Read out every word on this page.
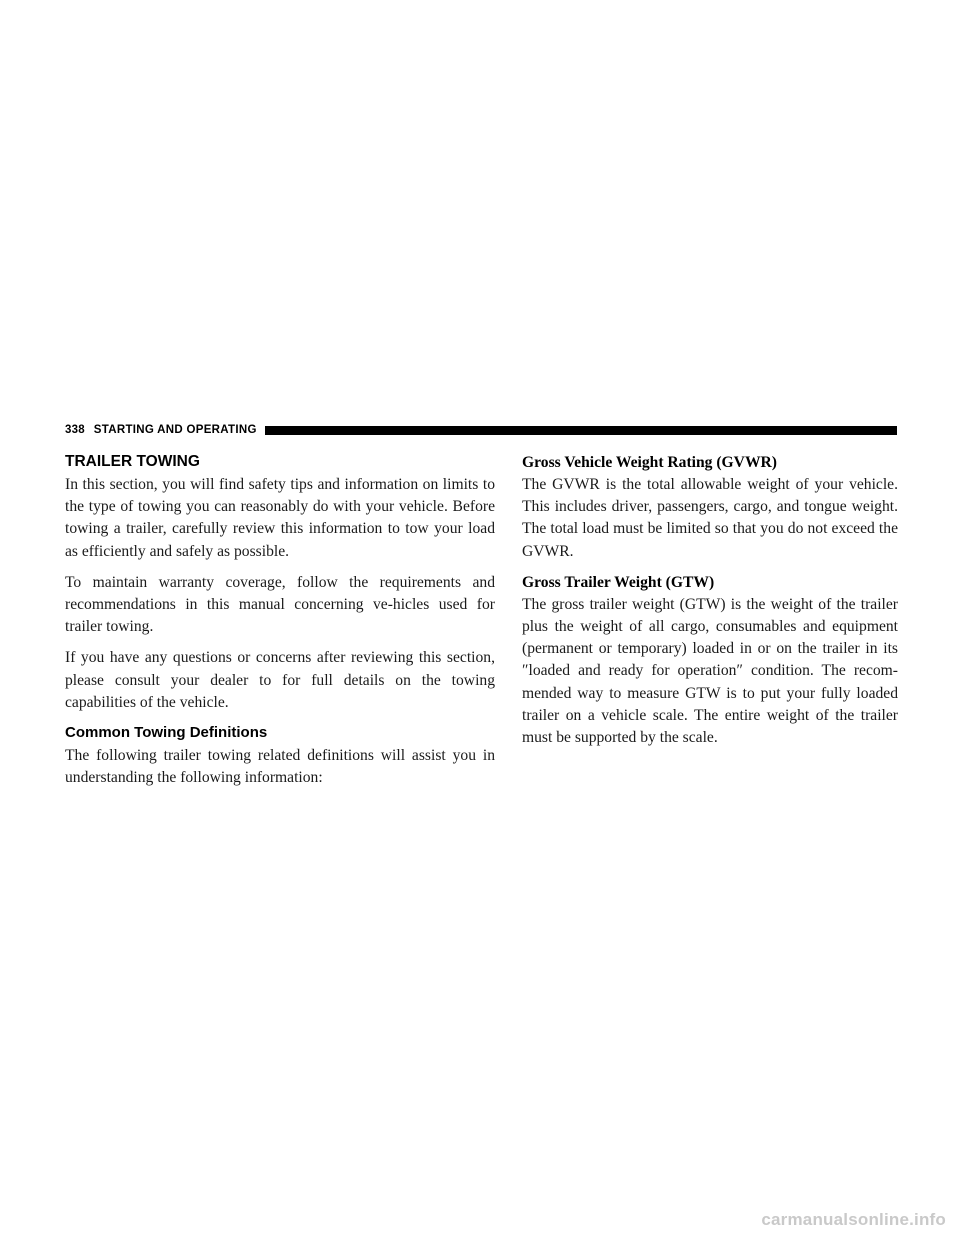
338 STARTING AND OPERATING
TRAILER TOWING

In this section, you will find safety tips and information on limits to the type of towing you can reasonably do with your vehicle. Before towing a trailer, carefully review this information to tow your load as efficiently and safely as possible.

To maintain warranty coverage, follow the requirements and recommendations in this manual concerning ve-hicles used for trailer towing.

If you have any questions or concerns after reviewing this section, please consult your dealer to for full details on the towing capabilities of the vehicle.

Common Towing Definitions

The following trailer towing related definitions will assist you in understanding the following information:

Gross Vehicle Weight Rating (GVWR)

The GVWR is the total allowable weight of your vehicle. This includes driver, passengers, cargo, and tongue weight. The total load must be limited so that you do not exceed the GVWR.

Gross Trailer Weight (GTW)

The gross trailer weight (GTW) is the weight of the trailer plus the weight of all cargo, consumables and equipment (permanent or temporary) loaded in or on the trailer in its ″loaded and ready for operation″ condition. The recom-mended way to measure GTW is to put your fully loaded trailer on a vehicle scale. The entire weight of the trailer must be supported by the scale.

carmanualsonline.info
